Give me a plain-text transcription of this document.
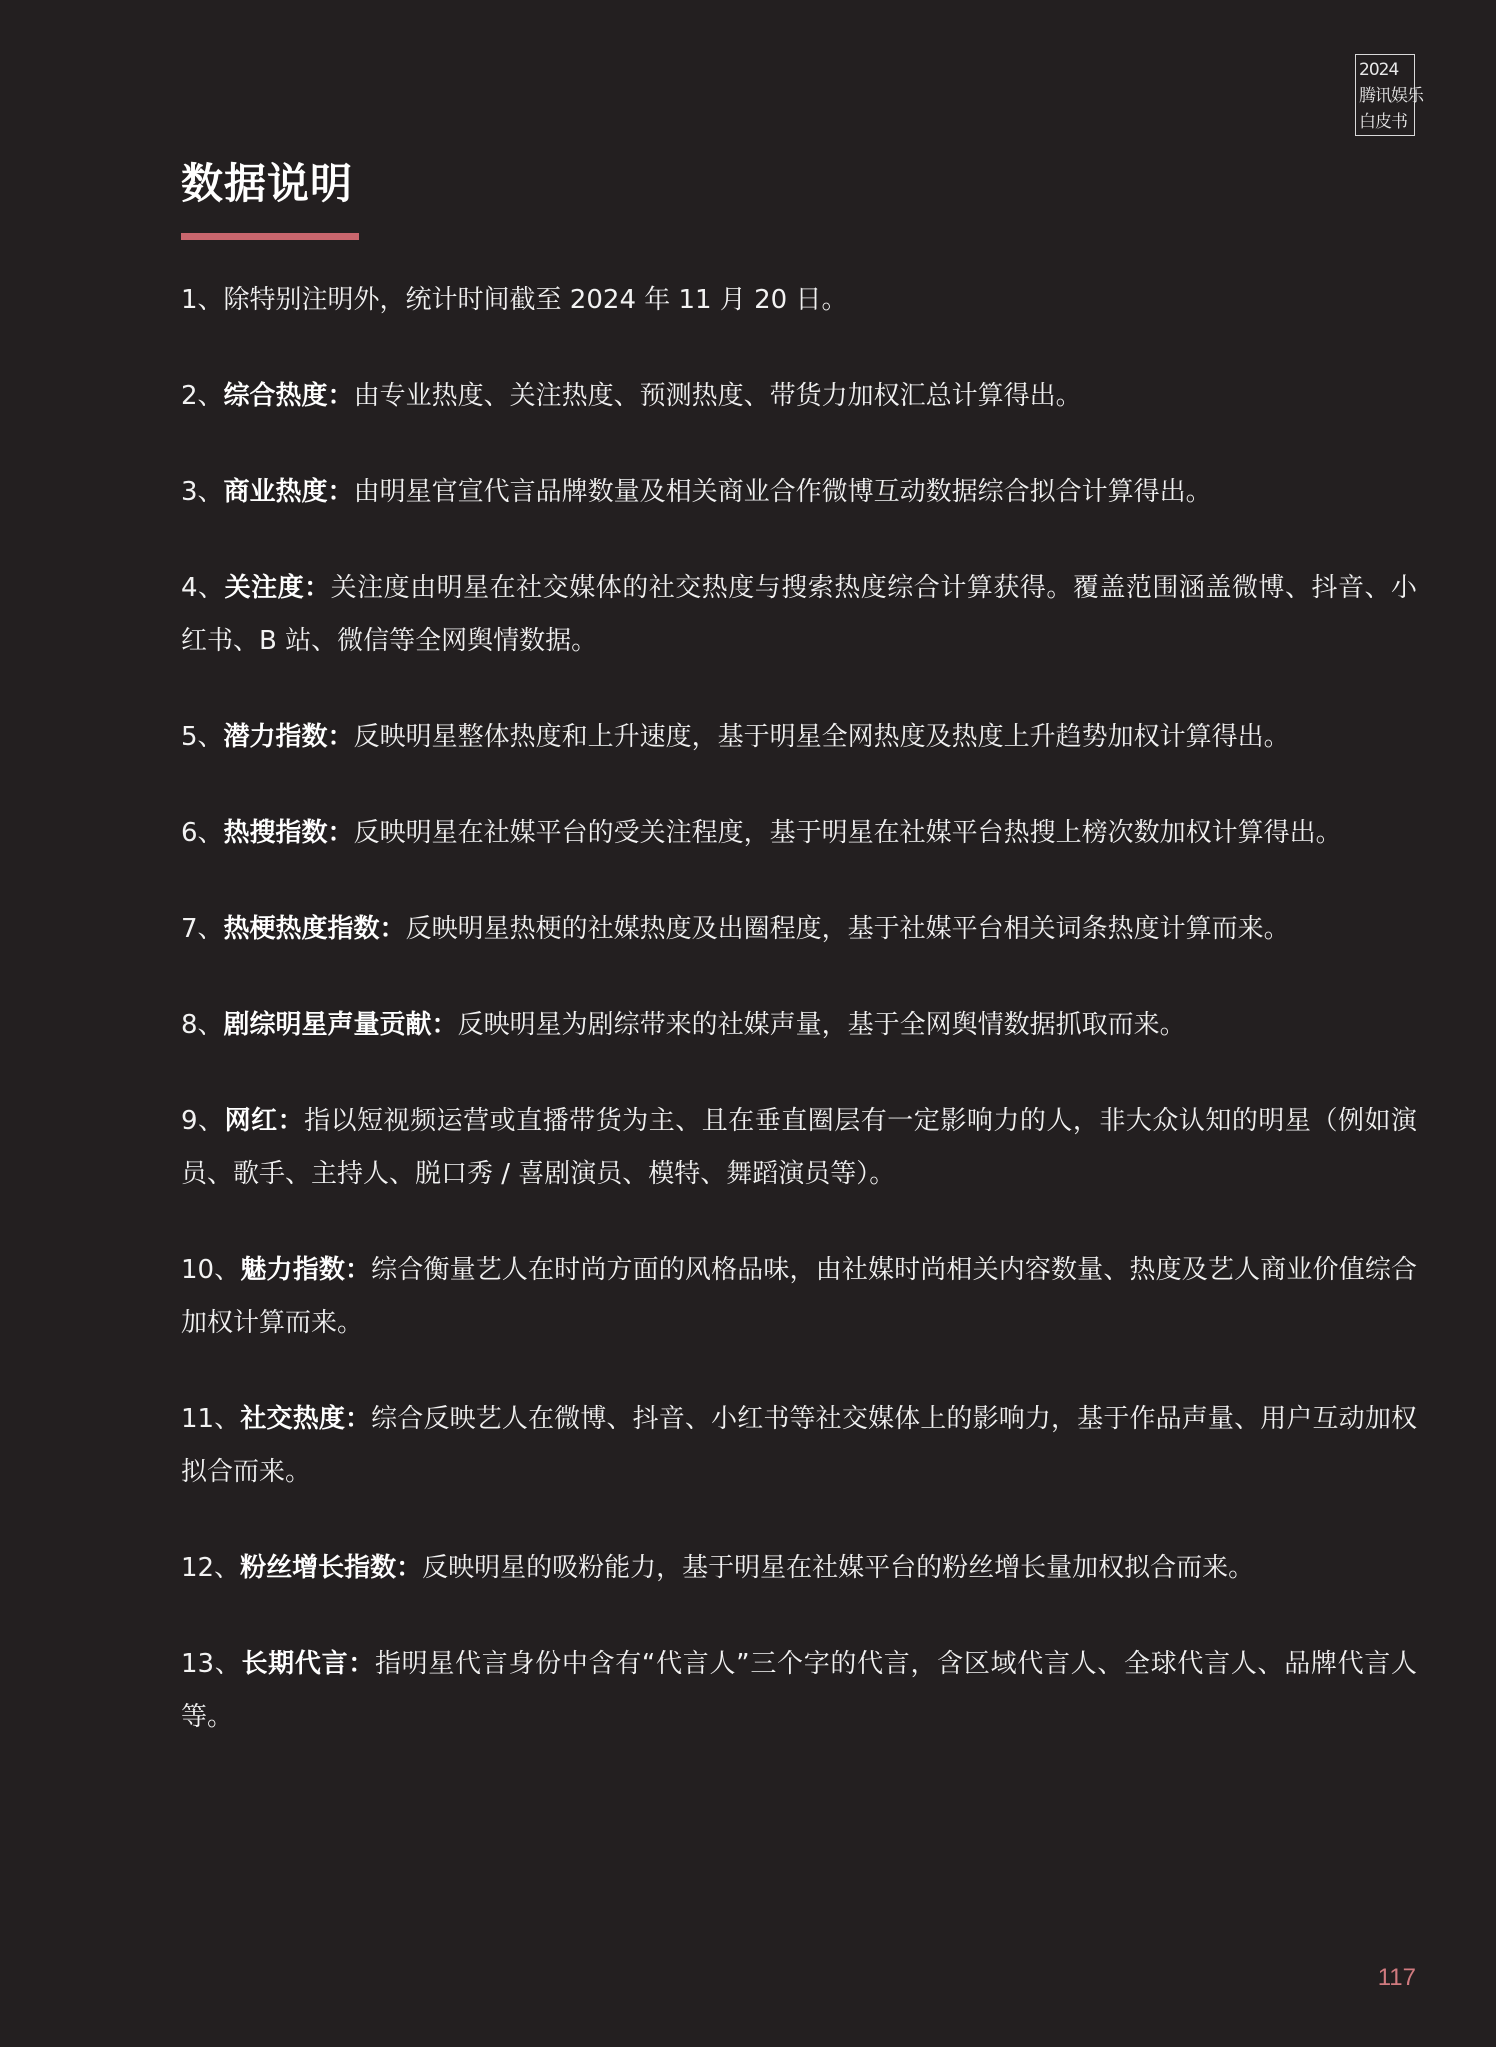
2024
腾讯娱乐
白皮书
数据说明
1、除特别注明外，统计时间截至 2024 年 11 月 20 日。
2、综合热度：由专业热度、关注热度、预测热度、带货力加权汇总计算得出。
3、商业热度：由明星官宣代言品牌数量及相关商业合作微博互动数据综合拟合计算得出。
4、关注度：关注度由明星在社交媒体的社交热度与搜索热度综合计算获得。覆盖范围涵盖微博、抖音、小红书、B 站、微信等全网舆情数据。
5、潜力指数：反映明星整体热度和上升速度，基于明星全网热度及热度上升趋势加权计算得出。
6、热搜指数：反映明星在社媒平台的受关注程度，基于明星在社媒平台热搜上榜次数加权计算得出。
7、热梗热度指数：反映明星热梗的社媒热度及出圈程度，基于社媒平台相关词条热度计算而来。
8、剧综明星声量贡献：反映明星为剧综带来的社媒声量，基于全网舆情数据抓取而来。
9、网红：指以短视频运营或直播带货为主、且在垂直圈层有一定影响力的人，非大众认知的明星（例如演员、歌手、主持人、脱口秀 / 喜剧演员、模特、舞蹈演员等）。
10、魅力指数：综合衡量艺人在时尚方面的风格品味，由社媒时尚相关内容数量、热度及艺人商业价值综合加权计算而来。
11、社交热度：综合反映艺人在微博、抖音、小红书等社交媒体上的影响力，基于作品声量、用户互动加权拟合而来。
12、粉丝增长指数：反映明星的吸粉能力，基于明星在社媒平台的粉丝增长量加权拟合而来。
13、长期代言：指明星代言身份中含有“代言人”三个字的代言，含区域代言人、全球代言人、品牌代言人等。
117
